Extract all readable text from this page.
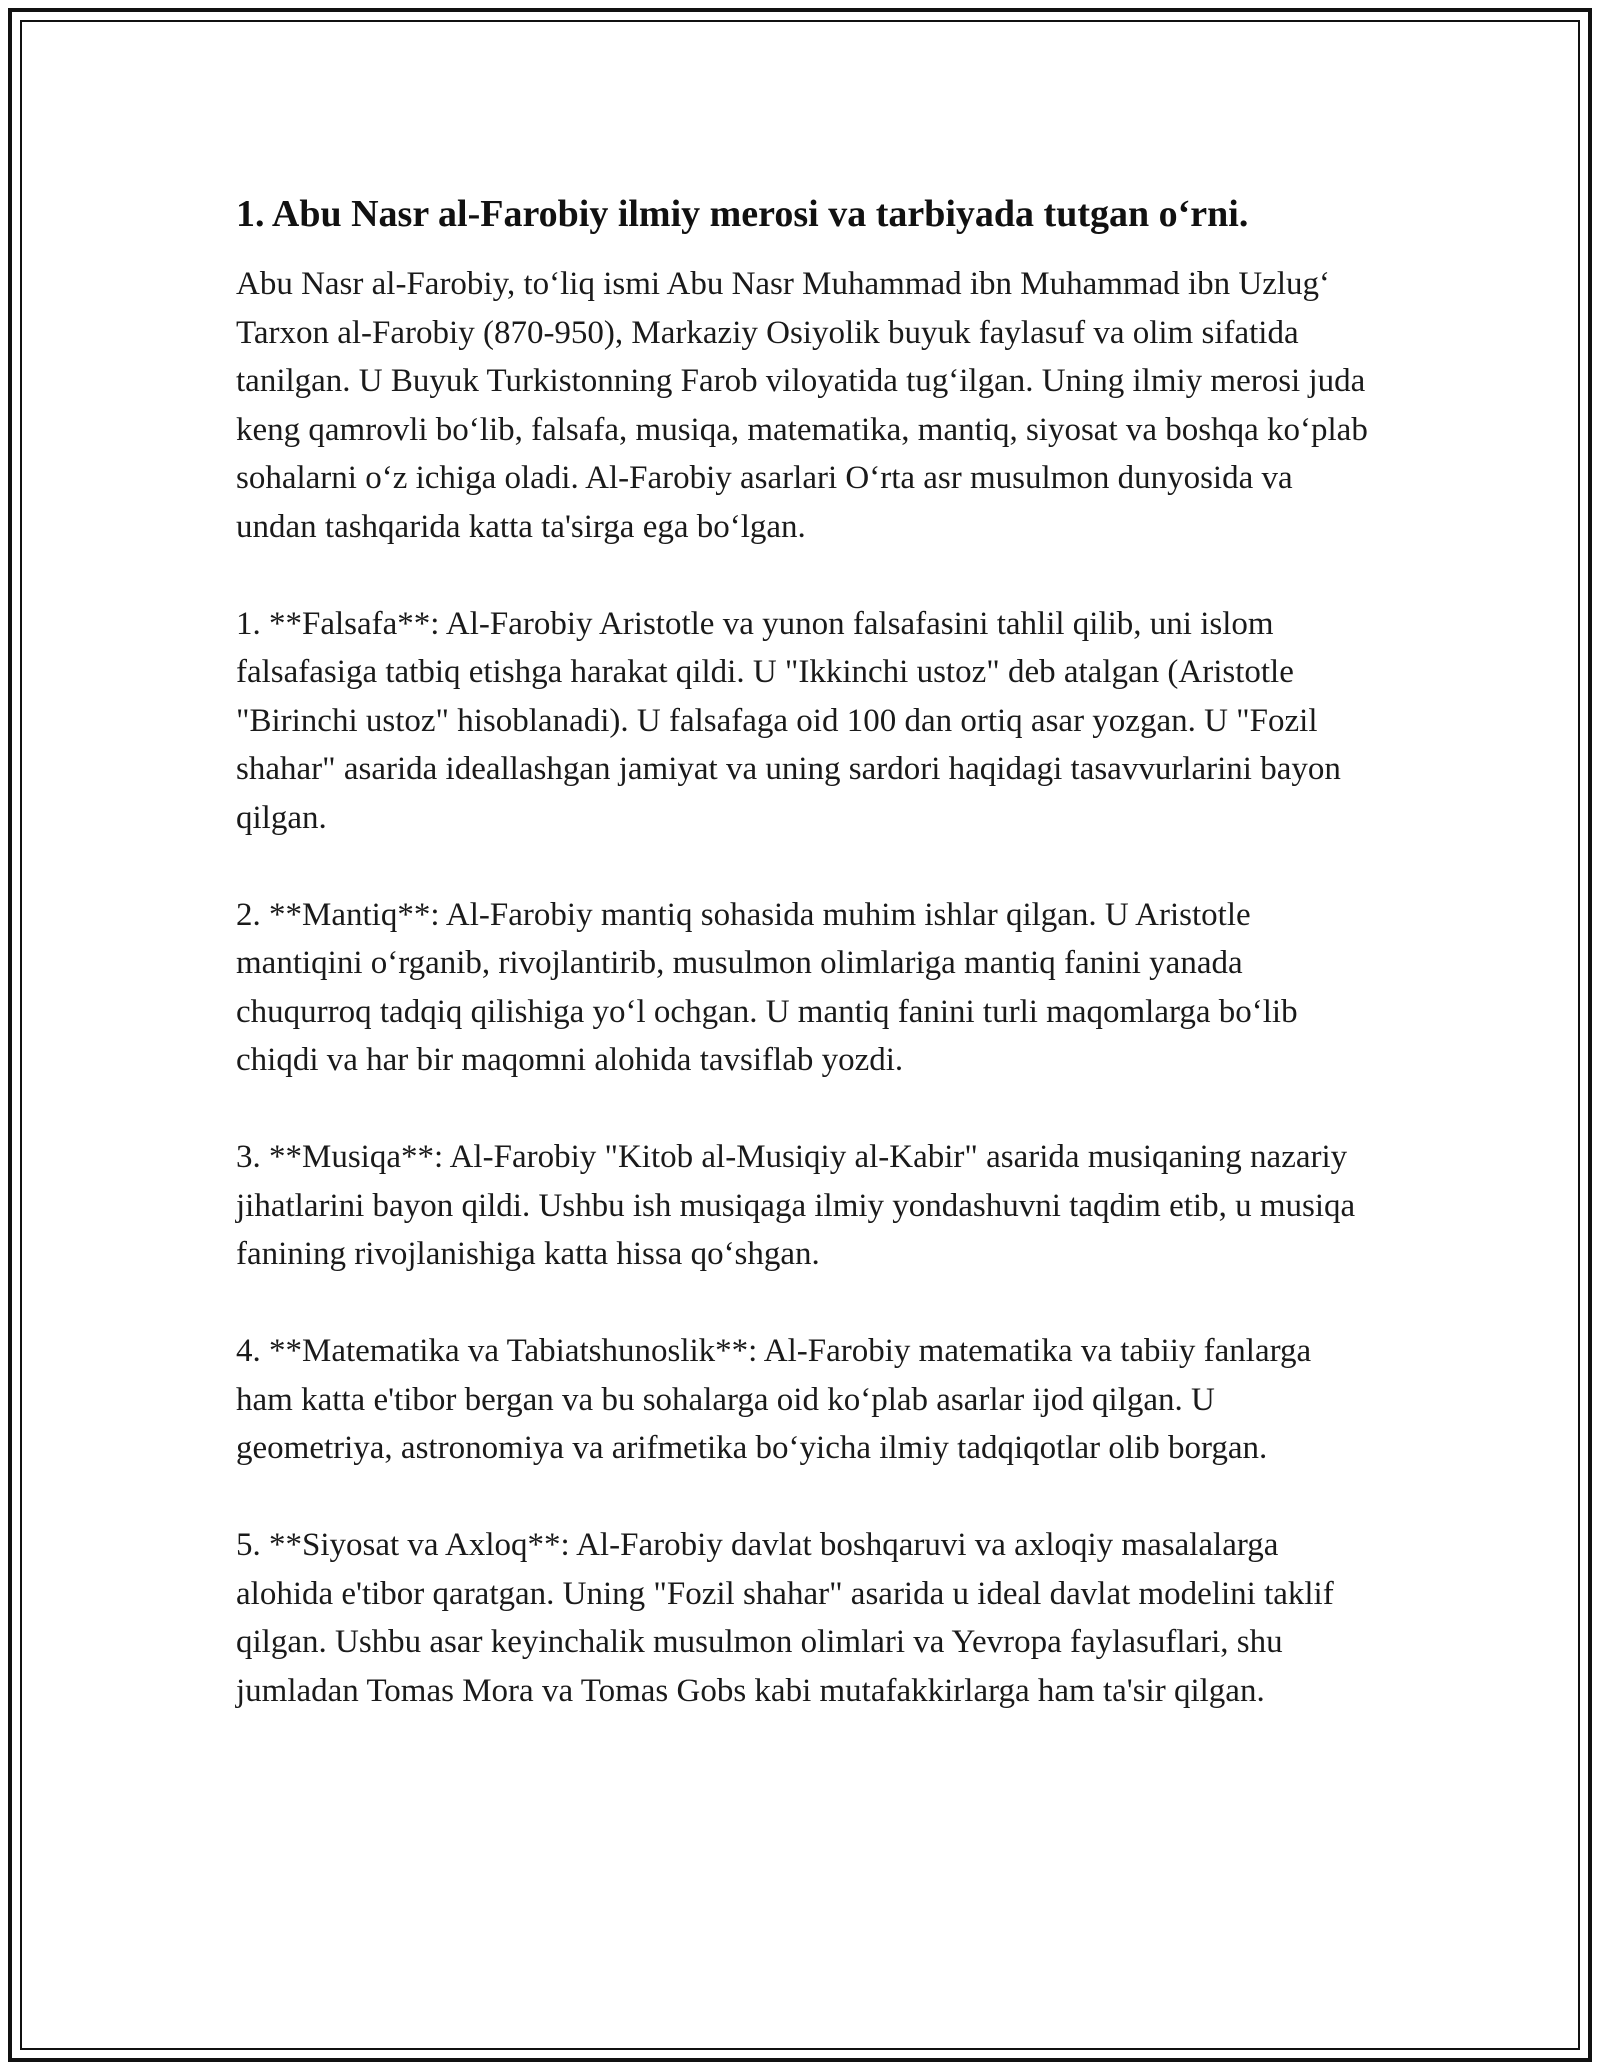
1. Abu Nasr al-Farobiy ilmiy merosi va tarbiyada tutgan o‘rni.

Abu Nasr al-Farobiy, to‘liq ismi Abu Nasr Muhammad ibn Muhammad ibn Uzlug‘ Tarxon al-Farobiy (870-950), Markaziy Osiyolik buyuk faylasuf va olim sifatida tanilgan. U Buyuk Turkistonning Farob viloyatida tug‘ilgan. Uning ilmiy merosi juda keng qamrovli bo‘lib, falsafa, musiqa, matematika, mantiq, siyosat va boshqa ko‘plab sohalarni o‘z ichiga oladi. Al-Farobiy asarlari O‘rta asr musulmon dunyosida va undan tashqarida katta ta'sirga ega bo‘lgan.

1. **Falsafa**: Al-Farobiy Aristotle va yunon falsafasini tahlil qilib, uni islom falsafasiga tatbiq etishga harakat qildi. U "Ikkinchi ustoz" deb atalgan (Aristotle "Birinchi ustoz" hisoblanadi). U falsafaga oid 100 dan ortiq asar yozgan. U "Fozil shahar" asarida ideallashgan jamiyat va uning sardori haqidagi tasavvurlarini bayon qilgan.

2. **Mantiq**: Al-Farobiy mantiq sohasida muhim ishlar qilgan. U Aristotle mantiqini o‘rganib, rivojlantirib, musulmon olimlariga mantiq fanini yanada chuqurroq tadqiq qilishiga yo‘l ochgan. U mantiq fanini turli maqomlarga bo‘lib chiqdi va har bir maqomni alohida tavsiflab yozdi.

3. **Musiqa**: Al-Farobiy "Kitob al-Musiqiy al-Kabir" asarida musiqaning nazariy jihatlarini bayon qildi. Ushbu ish musiqaga ilmiy yondashuvni taqdim etib, u musiqa fanining rivojlanishiga katta hissa qo‘shgan.

4. **Matematika va Tabiatshunoslik**: Al-Farobiy matematika va tabiiy fanlarga ham katta e'tibor bergan va bu sohalarga oid ko‘plab asarlar ijod qilgan. U geometriya, astronomiya va arifmetika bo‘yicha ilmiy tadqiqotlar olib borgan.

5. **Siyosat va Axloq**: Al-Farobiy davlat boshqaruvi va axloqiy masalalarga alohida e'tibor qaratgan. Uning "Fozil shahar" asarida u ideal davlat modelini taklif qilgan. Ushbu asar keyinchalik musulmon olimlari va Yevropa faylasuflari, shu jumladan Tomas Mora va Tomas Gobs kabi mutafakkirlarga ham ta'sir qilgan.
